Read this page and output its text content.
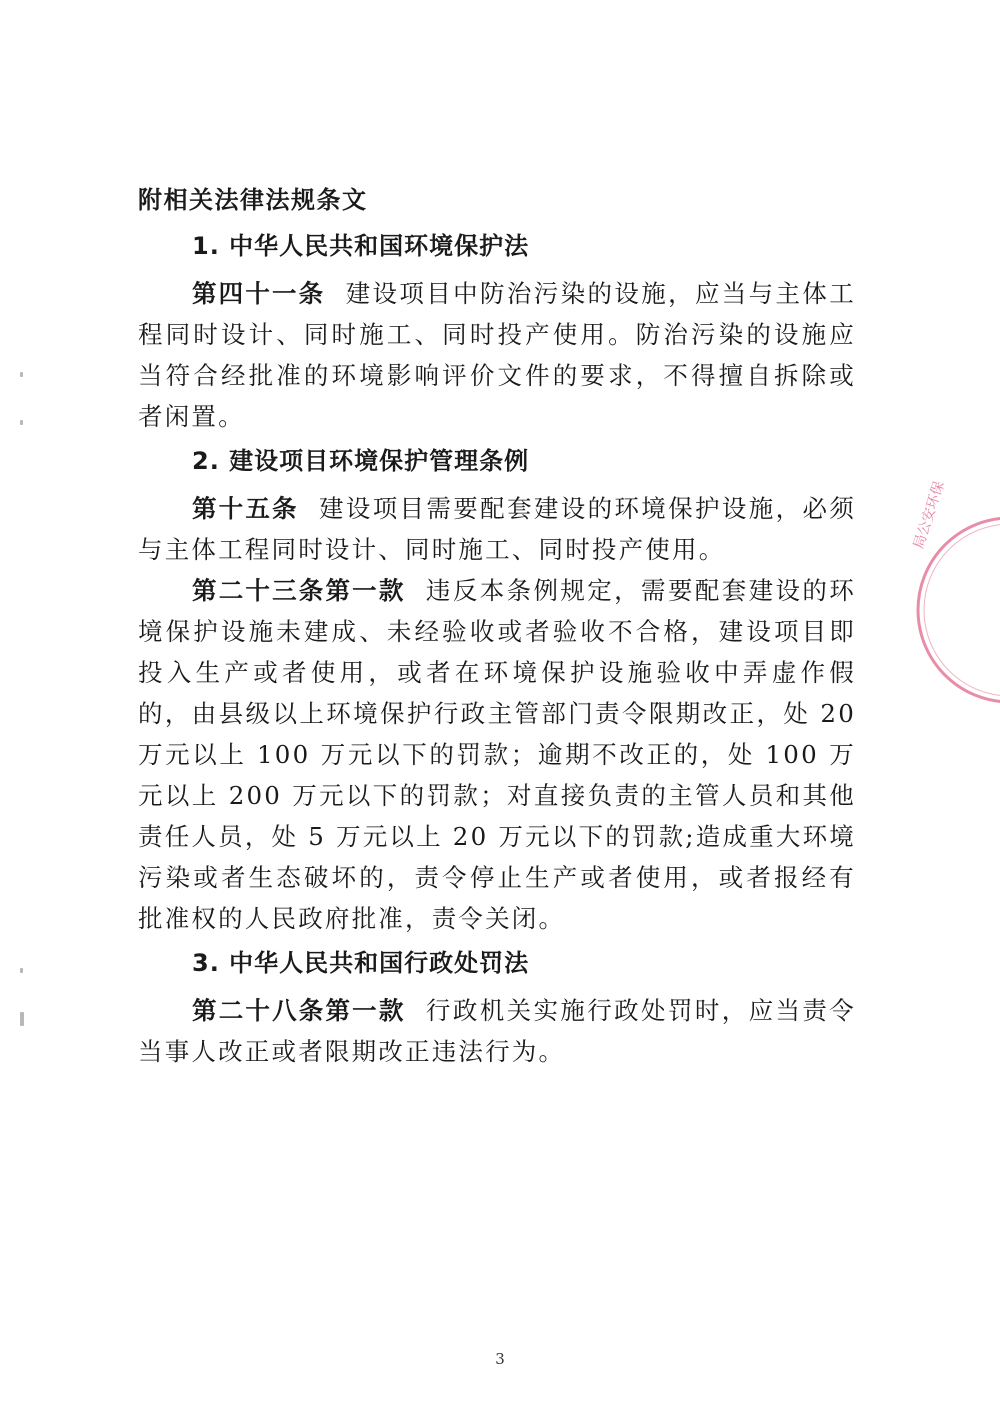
局公安环保

附相关法律法规条文

1. 中华人民共和国环境保护法

第四十一条 建设项目中防治污染的设施，应当与主体工程同时设计、同时施工、同时投产使用。防治污染的设施应当符合经批准的环境影响评价文件的要求，不得擅自拆除或者闲置。

2. 建设项目环境保护管理条例

第十五条 建设项目需要配套建设的环境保护设施，必须与主体工程同时设计、同时施工、同时投产使用。

第二十三条第一款 违反本条例规定，需要配套建设的环境保护设施未建成、未经验收或者验收不合格，建设项目即投入生产或者使用，或者在环境保护设施验收中弄虚作假的，由县级以上环境保护行政主管部门责令限期改正，处 20 万元以上 100 万元以下的罚款；逾期不改正的，处 100 万元以上 200 万元以下的罚款；对直接负责的主管人员和其他责任人员，处 5 万元以上 20 万元以下的罚款;造成重大环境污染或者生态破坏的，责令停止生产或者使用，或者报经有批准权的人民政府批准，责令关闭。

3. 中华人民共和国行政处罚法

第二十八条第一款 行政机关实施行政处罚时，应当责令当事人改正或者限期改正违法行为。

3
